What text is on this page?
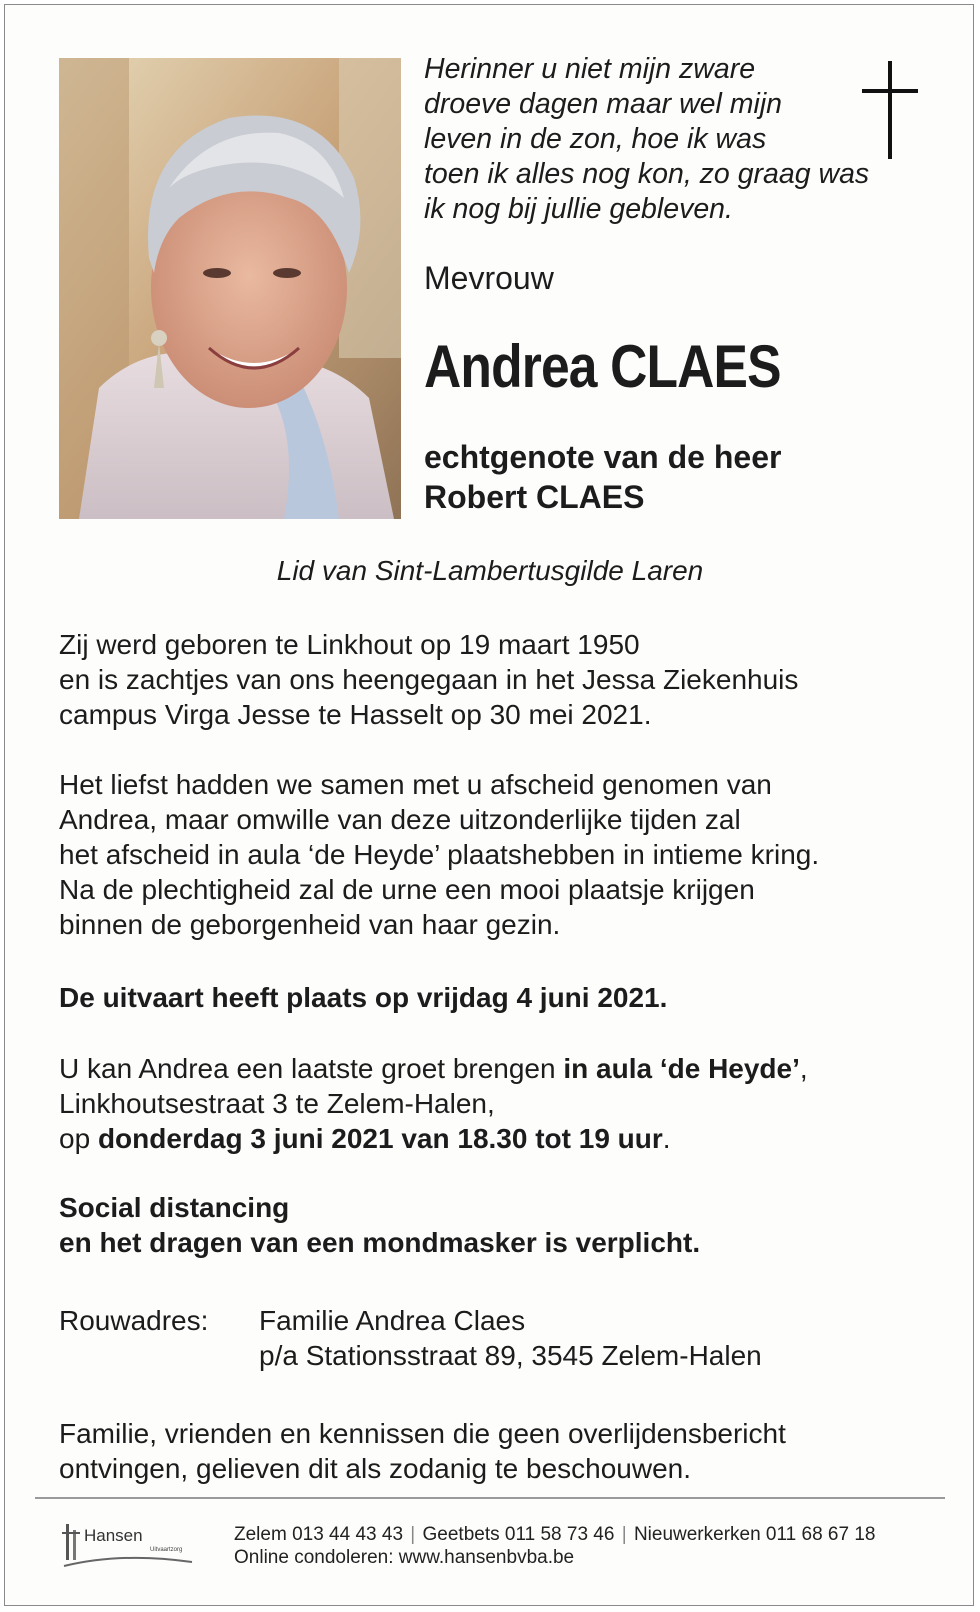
Herinner u niet mijn zware
droeve dagen maar wel mijn
leven in de zon, hoe ik was
toen ik alles nog kon, zo graag was
ik nog bij jullie gebleven.
Mevrouw
Andrea CLAES
echtgenote van de heer
Robert CLAES
Lid van Sint-Lambertusgilde Laren
Zij werd geboren te Linkhout op 19 maart 1950
en is zachtjes van ons heengegaan in het Jessa Ziekenhuis
campus Virga Jesse te Hasselt op 30 mei 2021.
Het liefst hadden we samen met u afscheid genomen van
Andrea, maar omwille van deze uitzonderlijke tijden zal
het afscheid in aula ‘de Heyde’ plaatshebben in intieme kring.
Na de plechtigheid zal de urne een mooi plaatsje krijgen
binnen de geborgenheid van haar gezin.
De uitvaart heeft plaats op vrijdag 4 juni 2021.
U kan Andrea een laatste groet brengen in aula ‘de Heyde’,
Linkhoutsestraat 3 te Zelem-Halen,
op donderdag 3 juni 2021 van 18.30 tot 19 uur.
Social distancing
en het dragen van een mondmasker is verplicht.
Rouwadres: Familie Andrea Claes
p/a Stationsstraat 89, 3545 Zelem-Halen
Familie, vrienden en kennissen die geen overlijdensbericht
ontvingen, gelieven dit als zodanig te beschouwen.
Hansen
Uitvaartzorg
Zelem 013 44 43 43 | Geetbets 011 58 73 46 | Nieuwerkerken 011 68 67 18
Online condoleren: www.hansenbvba.be
